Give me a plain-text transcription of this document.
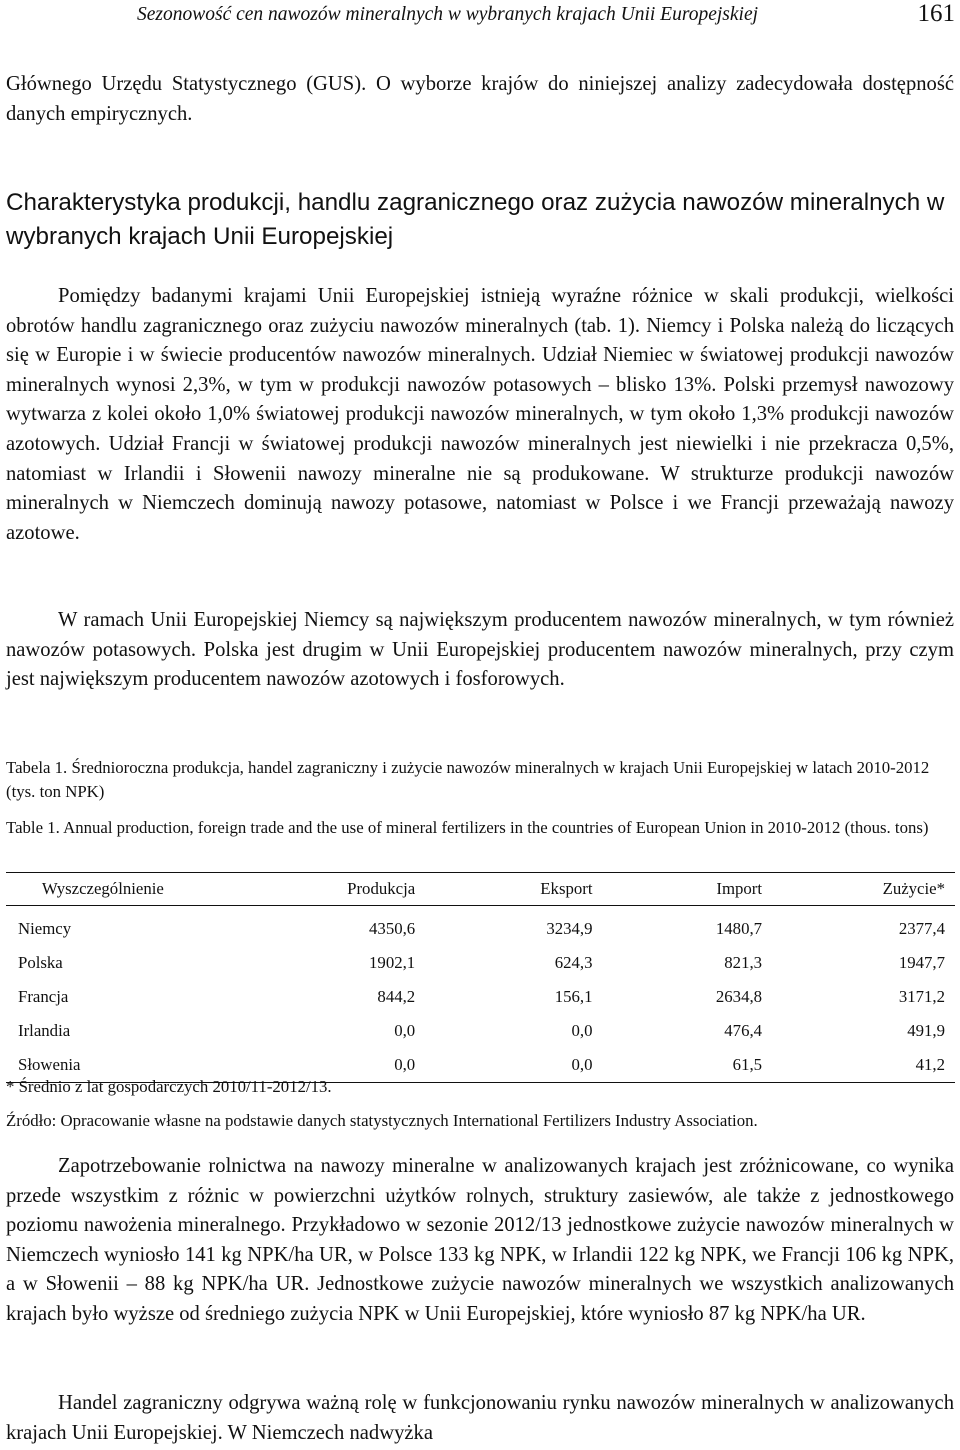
Sezonowość cen nawozów mineralnych w wybranych krajach Unii Europejskiej	161

Głównego Urzędu Statystycznego (GUS). O wyborze krajów do niniejszej analizy zadecydowała dostępność danych empirycznych.

Charakterystyka produkcji, handlu zagranicznego oraz zużycia nawozów mineralnych w wybranych krajach Unii Europejskiej

Pomiędzy badanymi krajami Unii Europejskiej istnieją wyraźne różnice w skali produkcji, wielkości obrotów handlu zagranicznego oraz zużyciu nawozów mineralnych (tab. 1). Niemcy i Polska należą do liczących się w Europie i w świecie producentów nawozów mineralnych. Udział Niemiec w światowej produkcji nawozów mineralnych wynosi 2,3%, w tym w produkcji nawozów potasowych – blisko 13%. Polski przemysł nawozowy wytwarza z kolei około 1,0% światowej produkcji nawozów mineralnych, w tym około 1,3% produkcji nawozów azotowych. Udział Francji w światowej produkcji nawozów mineralnych jest niewielki i nie przekracza 0,5%, natomiast w Irlandii i Słowenii nawozy mineralne nie są produkowane. W strukturze produkcji nawozów mineralnych w Niemczech dominują nawozy potasowe, natomiast w Polsce i we Francji przeważają nawozy azotowe.

W ramach Unii Europejskiej Niemcy są największym producentem nawozów mineralnych, w tym również nawozów potasowych. Polska jest drugim w Unii Europejskiej producentem nawozów mineralnych, przy czym jest największym producentem nawozów azotowych i fosforowych.

Tabela 1. Średnioroczna produkcja, handel zagraniczny i zużycie nawozów mineralnych w krajach Unii Europejskiej w latach 2010-2012 (tys. ton NPK)

Table 1. Annual production, foreign trade and the use of mineral fertilizers in the countries of European Union in 2010-2012 (thous. tons)

Wyszczególnienie	Produkcja	Eksport	Import	Zużycie*
Niemcy	4350,6	3234,9	1480,7	2377,4
Polska	1902,1	624,3	821,3	1947,7
Francja	844,2	156,1	2634,8	3171,2
Irlandia	0,0	0,0	476,4	491,9
Słowenia	0,0	0,0	61,5	41,2

* Średnio z lat gospodarczych 2010/11-2012/13.

Źródło: Opracowanie własne na podstawie danych statystycznych International Fertilizers Industry Association.

Zapotrzebowanie rolnictwa na nawozy mineralne w analizowanych krajach jest zróżnicowane, co wynika przede wszystkim z różnic w powierzchni użytków rolnych, struktury zasiewów, ale także z jednostkowego poziomu nawożenia mineralnego. Przykładowo w sezonie 2012/13 jednostkowe zużycie nawozów mineralnych w Niemczech wyniosło 141 kg NPK/ha UR, w Polsce 133 kg NPK, w Irlandii 122 kg NPK, we Francji 106 kg NPK, a w Słowenii – 88 kg NPK/ha UR. Jednostkowe zużycie nawozów mineralnych we wszystkich analizowanych krajach było wyższe od średniego zużycia NPK w Unii Europejskiej, które wyniosło 87 kg NPK/ha UR.

Handel zagraniczny odgrywa ważną rolę w funkcjonowaniu rynku nawozów mineralnych w analizowanych krajach Unii Europejskiej. W Niemczech nadwyżka
